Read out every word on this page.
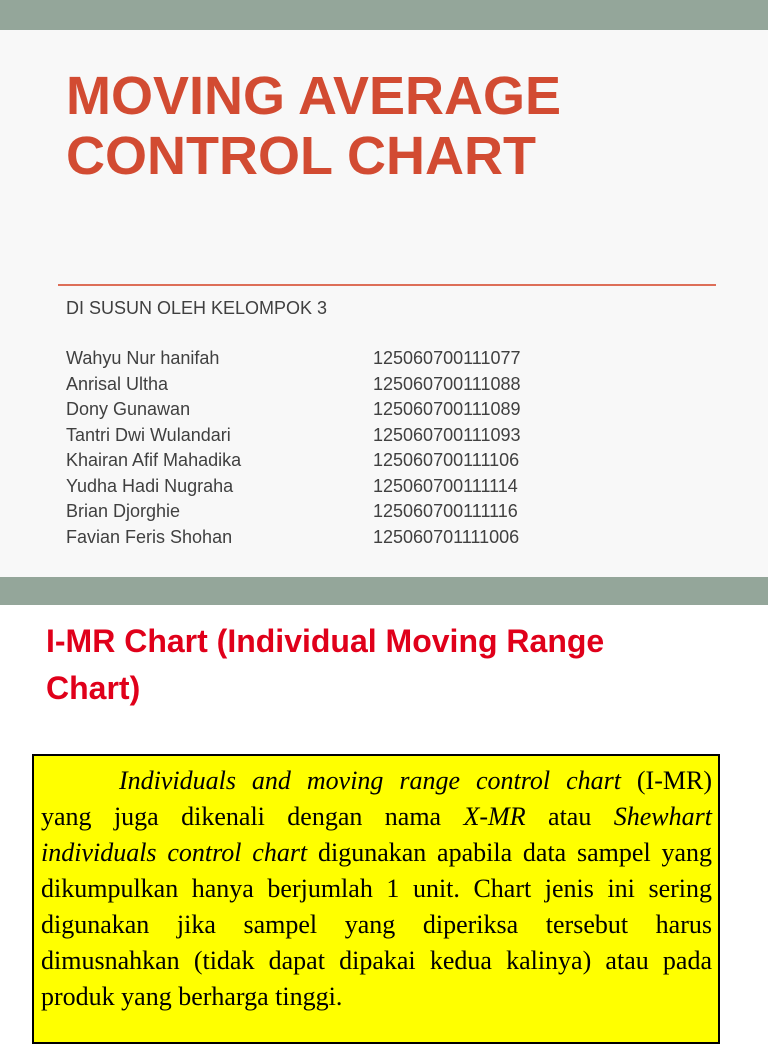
MOVING AVERAGE
CONTROL CHART
DI SUSUN OLEH KELOMPOK 3
Wahyu Nur hanifah	125060700111077
Anrisal Ultha	125060700111088
Dony Gunawan	125060700111089
Tantri Dwi Wulandari	125060700111093
Khairan Afif Mahadika	125060700111106
Yudha Hadi Nugraha	125060700111114
Brian Djorghie	125060700111116
Favian Feris Shohan	125060701111006
I-MR Chart (Individual Moving Range
Chart)

Individuals and moving range control chart (I-MR) yang juga dikenali dengan nama X-MR atau Shewhart individuals control chart digunakan apabila data sampel yang dikumpulkan hanya berjumlah 1 unit. Chart jenis ini sering digunakan jika sampel yang diperiksa tersebut harus dimusnahkan (tidak dapat dipakai kedua kalinya) atau pada produk yang berharga tinggi.
